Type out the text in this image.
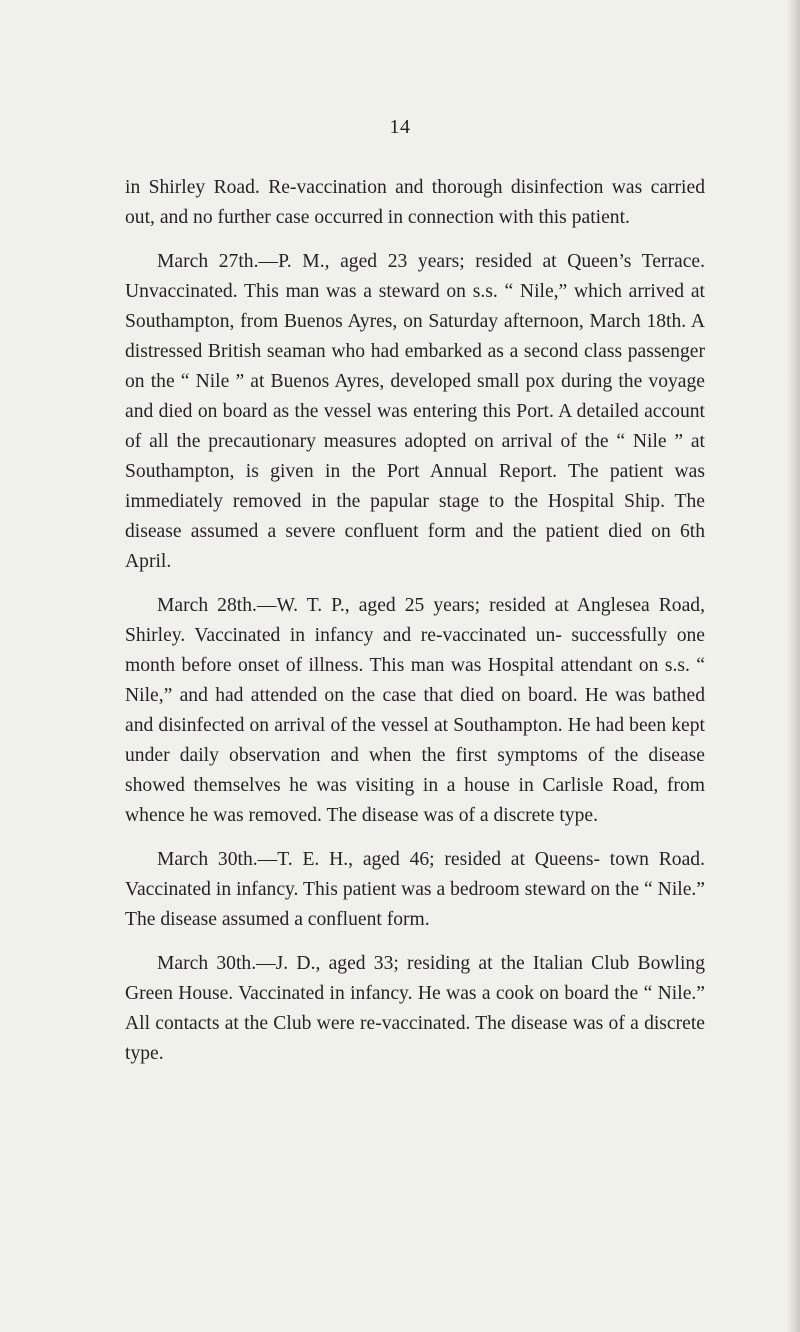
14

in Shirley Road. Re-vaccination and thorough disinfection was carried out, and no further case occurred in connection with this patient.

March 27th.—P. M., aged 23 years; resided at Queen’s Terrace. Unvaccinated. This man was a steward on s.s. “ Nile,” which arrived at Southampton, from Buenos Ayres, on Saturday afternoon, March 18th. A distressed British seaman who had embarked as a second class passenger on the “ Nile ” at Buenos Ayres, developed small pox during the voyage and died on board as the vessel was entering this Port. A detailed account of all the precautionary measures adopted on arrival of the “ Nile ” at Southampton, is given in the Port Annual Report. The patient was immediately removed in the papular stage to the Hospital Ship. The disease assumed a severe confluent form and the patient died on 6th April.

March 28th.—W. T. P., aged 25 years; resided at Anglesea Road, Shirley. Vaccinated in infancy and re-vaccinated un- successfully one month before onset of illness. This man was Hospital attendant on s.s. “ Nile,” and had attended on the case that died on board. He was bathed and disinfected on arrival of the vessel at Southampton. He had been kept under daily observation and when the first symptoms of the disease showed themselves he was visiting in a house in Carlisle Road, from whence he was removed. The disease was of a discrete type.

March 30th.—T. E. H., aged 46; resided at Queens- town Road. Vaccinated in infancy. This patient was a bedroom steward on the “ Nile.” The disease assumed a confluent form.

March 30th.—J. D., aged 33; residing at the Italian Club Bowling Green House. Vaccinated in infancy. He was a cook on board the “ Nile.” All contacts at the Club were re-vaccinated. The disease was of a discrete type.
